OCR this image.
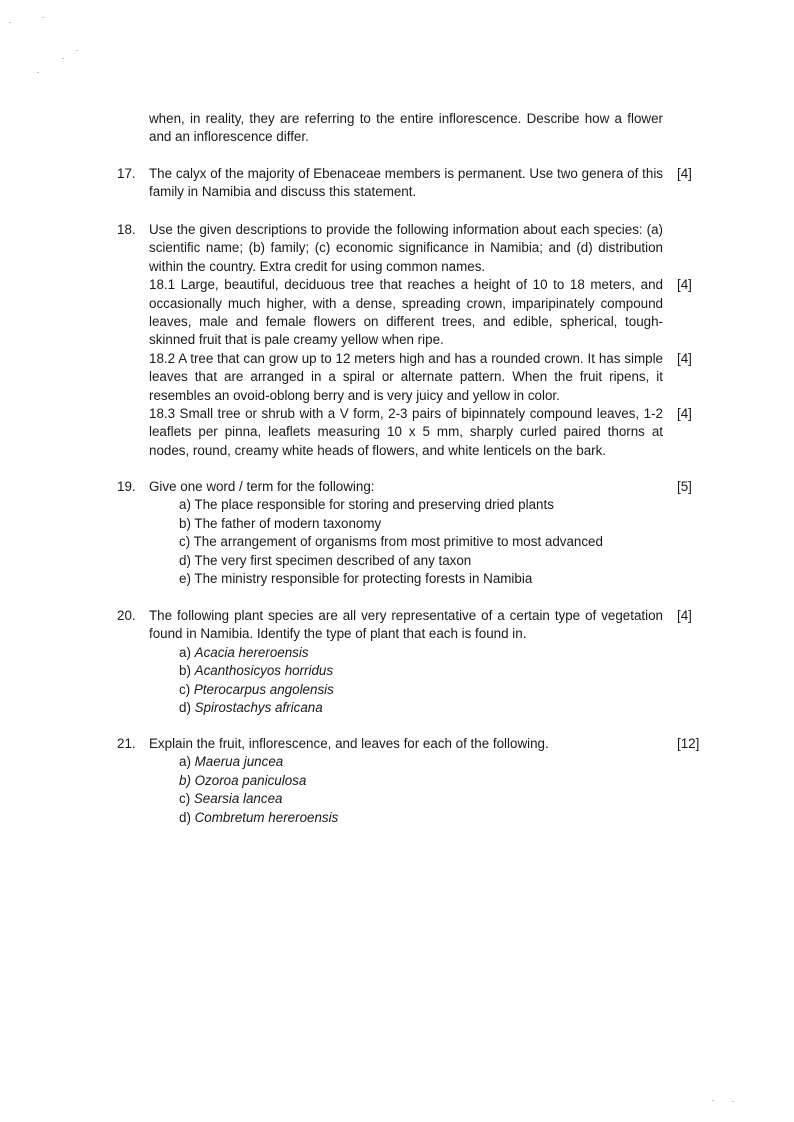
when, in reality, they are referring to the entire inflorescence. Describe how a flower and an inflorescence differ.
17. The calyx of the majority of Ebenaceae members is permanent. Use two genera of this family in Namibia and discuss this statement.
[4]
18. Use the given descriptions to provide the following information about each species: (a) scientific name; (b) family; (c) economic significance in Namibia; and (d) distribution within the country. Extra credit for using common names.
18.1 Large, beautiful, deciduous tree that reaches a height of 10 to 18 meters, and occasionally much higher, with a dense, spreading crown, imparipinately compound leaves, male and female flowers on different trees, and edible, spherical, tough-skinned fruit that is pale creamy yellow when ripe.
18.2 A tree that can grow up to 12 meters high and has a rounded crown. It has simple leaves that are arranged in a spiral or alternate pattern. When the fruit ripens, it resembles an ovoid-oblong berry and is very juicy and yellow in color.
18.3 Small tree or shrub with a V form, 2-3 pairs of bipinnately compound leaves, 1-2 leaflets per pinna, leaflets measuring 10 x 5 mm, sharply curled paired thorns at nodes, round, creamy white heads of flowers, and white lenticels on the bark.
[4]
[4]
[4]
19. Give one word / term for the following:
a) The place responsible for storing and preserving dried plants
b) The father of modern taxonomy
c) The arrangement of organisms from most primitive to most advanced
d) The very first specimen described of any taxon
e) The ministry responsible for protecting forests in Namibia
[5]
20. The following plant species are all very representative of a certain type of vegetation found in Namibia. Identify the type of plant that each is found in.
a) Acacia hereroensis
b) Acanthosicyos horridus
c) Pterocarpus angolensis
d) Spirostachys africana
[4]
21. Explain the fruit, inflorescence, and leaves for each of the following.
a) Maerua juncea
b) Ozoroa paniculosa
c) Searsia lancea
d) Combretum hereroensis
[12]
